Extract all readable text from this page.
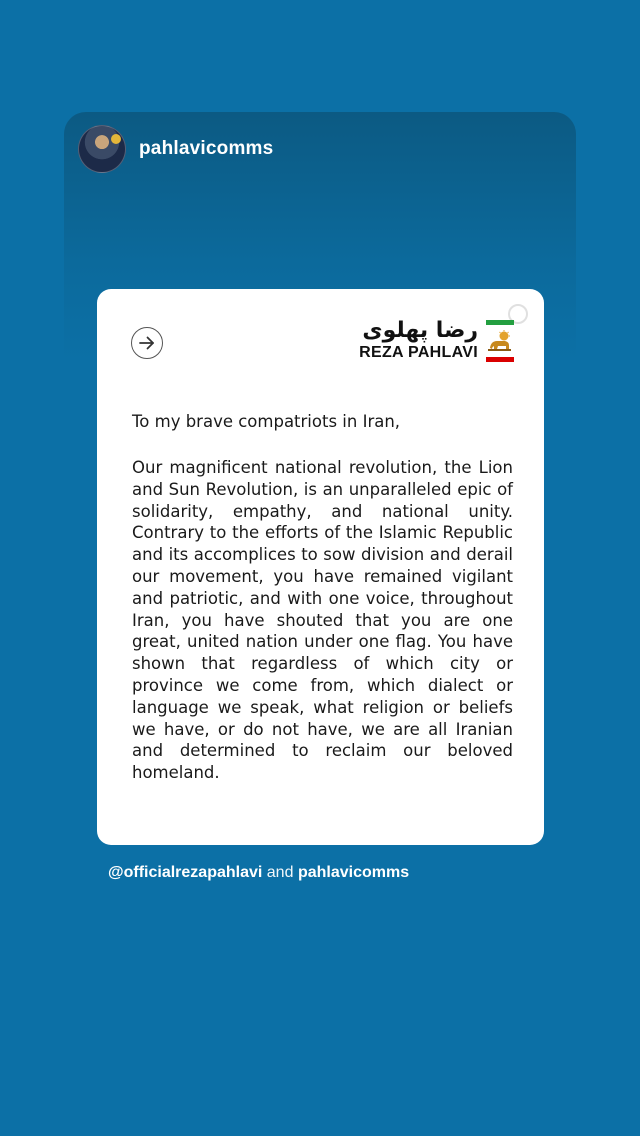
pahlavicomms
رضا پهلوی
REZA PAHLAVI

To my brave compatriots in Iran,

Our magnificent national revolution, the Lion and Sun Revolution, is an unparalleled epic of solidarity, empathy, and national unity. Contrary to the efforts of the Islamic Republic and its accomplices to sow division and derail our movement, you have remained vigilant and patriotic, and with one voice, throughout Iran, you have shouted that you are one great, united nation under one flag. You have shown that regardless of which city or province we come from, which dialect or language we speak, what religion or beliefs we have, or do not have, we are all Iranian and determined to reclaim our beloved homeland.

@officialrezapahlavi and pahlavicomms
